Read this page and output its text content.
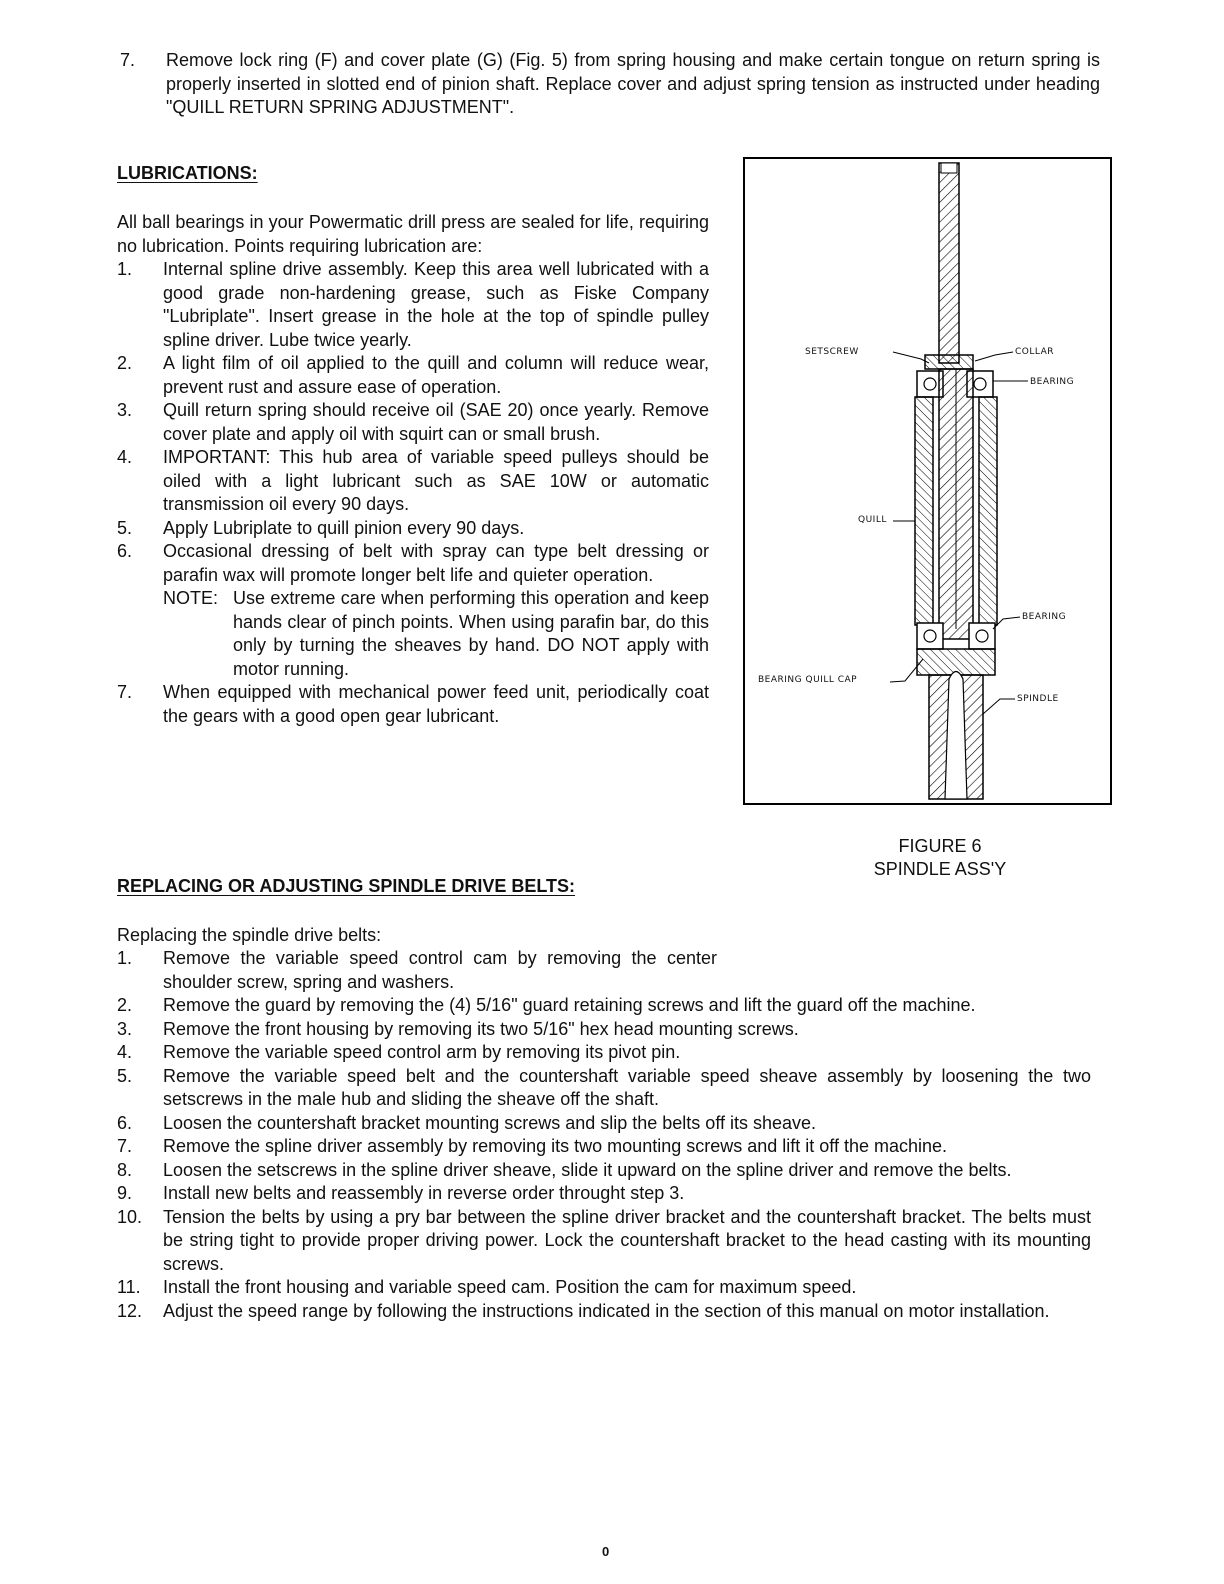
7.	Remove lock ring (F) and cover plate (G) (Fig. 5) from spring housing and make certain tongue on return spring is properly inserted in slotted end of pinion shaft. Replace cover and adjust spring tension as instructed under heading "QUILL RETURN SPRING ADJUSTMENT".
LUBRICATIONS:
All ball bearings in your Powermatic drill press are sealed for life, requiring no lubrication. Points requiring lubrication are:
1.	Internal spline drive assembly. Keep this area well lubricated with a good grade non-hardening grease, such as Fiske Company "Lubriplate". Insert grease in the hole at the top of spindle pulley spline driver. Lube twice yearly.
2.	A light film of oil applied to the quill and column will reduce wear, prevent rust and assure ease of operation.
3.	Quill return spring should receive oil (SAE 20) once yearly. Remove cover plate and apply oil with squirt can or small brush.
4.	IMPORTANT: This hub area of variable speed pulleys should be oiled with a light lubricant such as SAE 10W or automatic transmission oil every 90 days.
5.	Apply Lubriplate to quill pinion every 90 days.
6.	Occasional dressing of belt with spray can type belt dressing or parafin wax will promote longer belt life and quieter operation.
NOTE: Use extreme care when performing this operation and keep hands clear of pinch points. When using parafin bar, do this only by turning the sheaves by hand. DO NOT apply with motor running.
7.	When equipped with mechanical power feed unit, periodically coat the gears with a good open gear lubricant.
SETSCREW	COLLAR
BEARING
QUILL
BEARING
BEARING QUILL CAP
SPINDLE
FIGURE 6
SPINDLE ASS'Y
REPLACING OR ADJUSTING SPINDLE DRIVE BELTS:
Replacing the spindle drive belts:
1.	Remove the variable speed control cam by removing the center shoulder screw, spring and washers.
2.	Remove the guard by removing the (4) 5/16" guard retaining screws and lift the guard off the machine.
3.	Remove the front housing by removing its two 5/16" hex head mounting screws.
4.	Remove the variable speed control arm by removing its pivot pin.
5.	Remove the variable speed belt and the countershaft variable speed sheave assembly by loosening the two setscrews in the male hub and sliding the sheave off the shaft.
6.	Loosen the countershaft bracket mounting screws and slip the belts off its sheave.
7.	Remove the spline driver assembly by removing its two mounting screws and lift it off the machine.
8.	Loosen the setscrews in the spline driver sheave, slide it upward on the spline driver and remove the belts.
9.	Install new belts and reassembly in reverse order throught step 3.
10.	Tension the belts by using a pry bar between the spline driver bracket and the countershaft bracket. The belts must be string tight to provide proper driving power. Lock the countershaft bracket to the head casting with its mounting screws.
11.	Install the front housing and variable speed cam. Position the cam for maximum speed.
12.	Adjust the speed range by following the instructions indicated in the section of this manual on motor installation.
0
